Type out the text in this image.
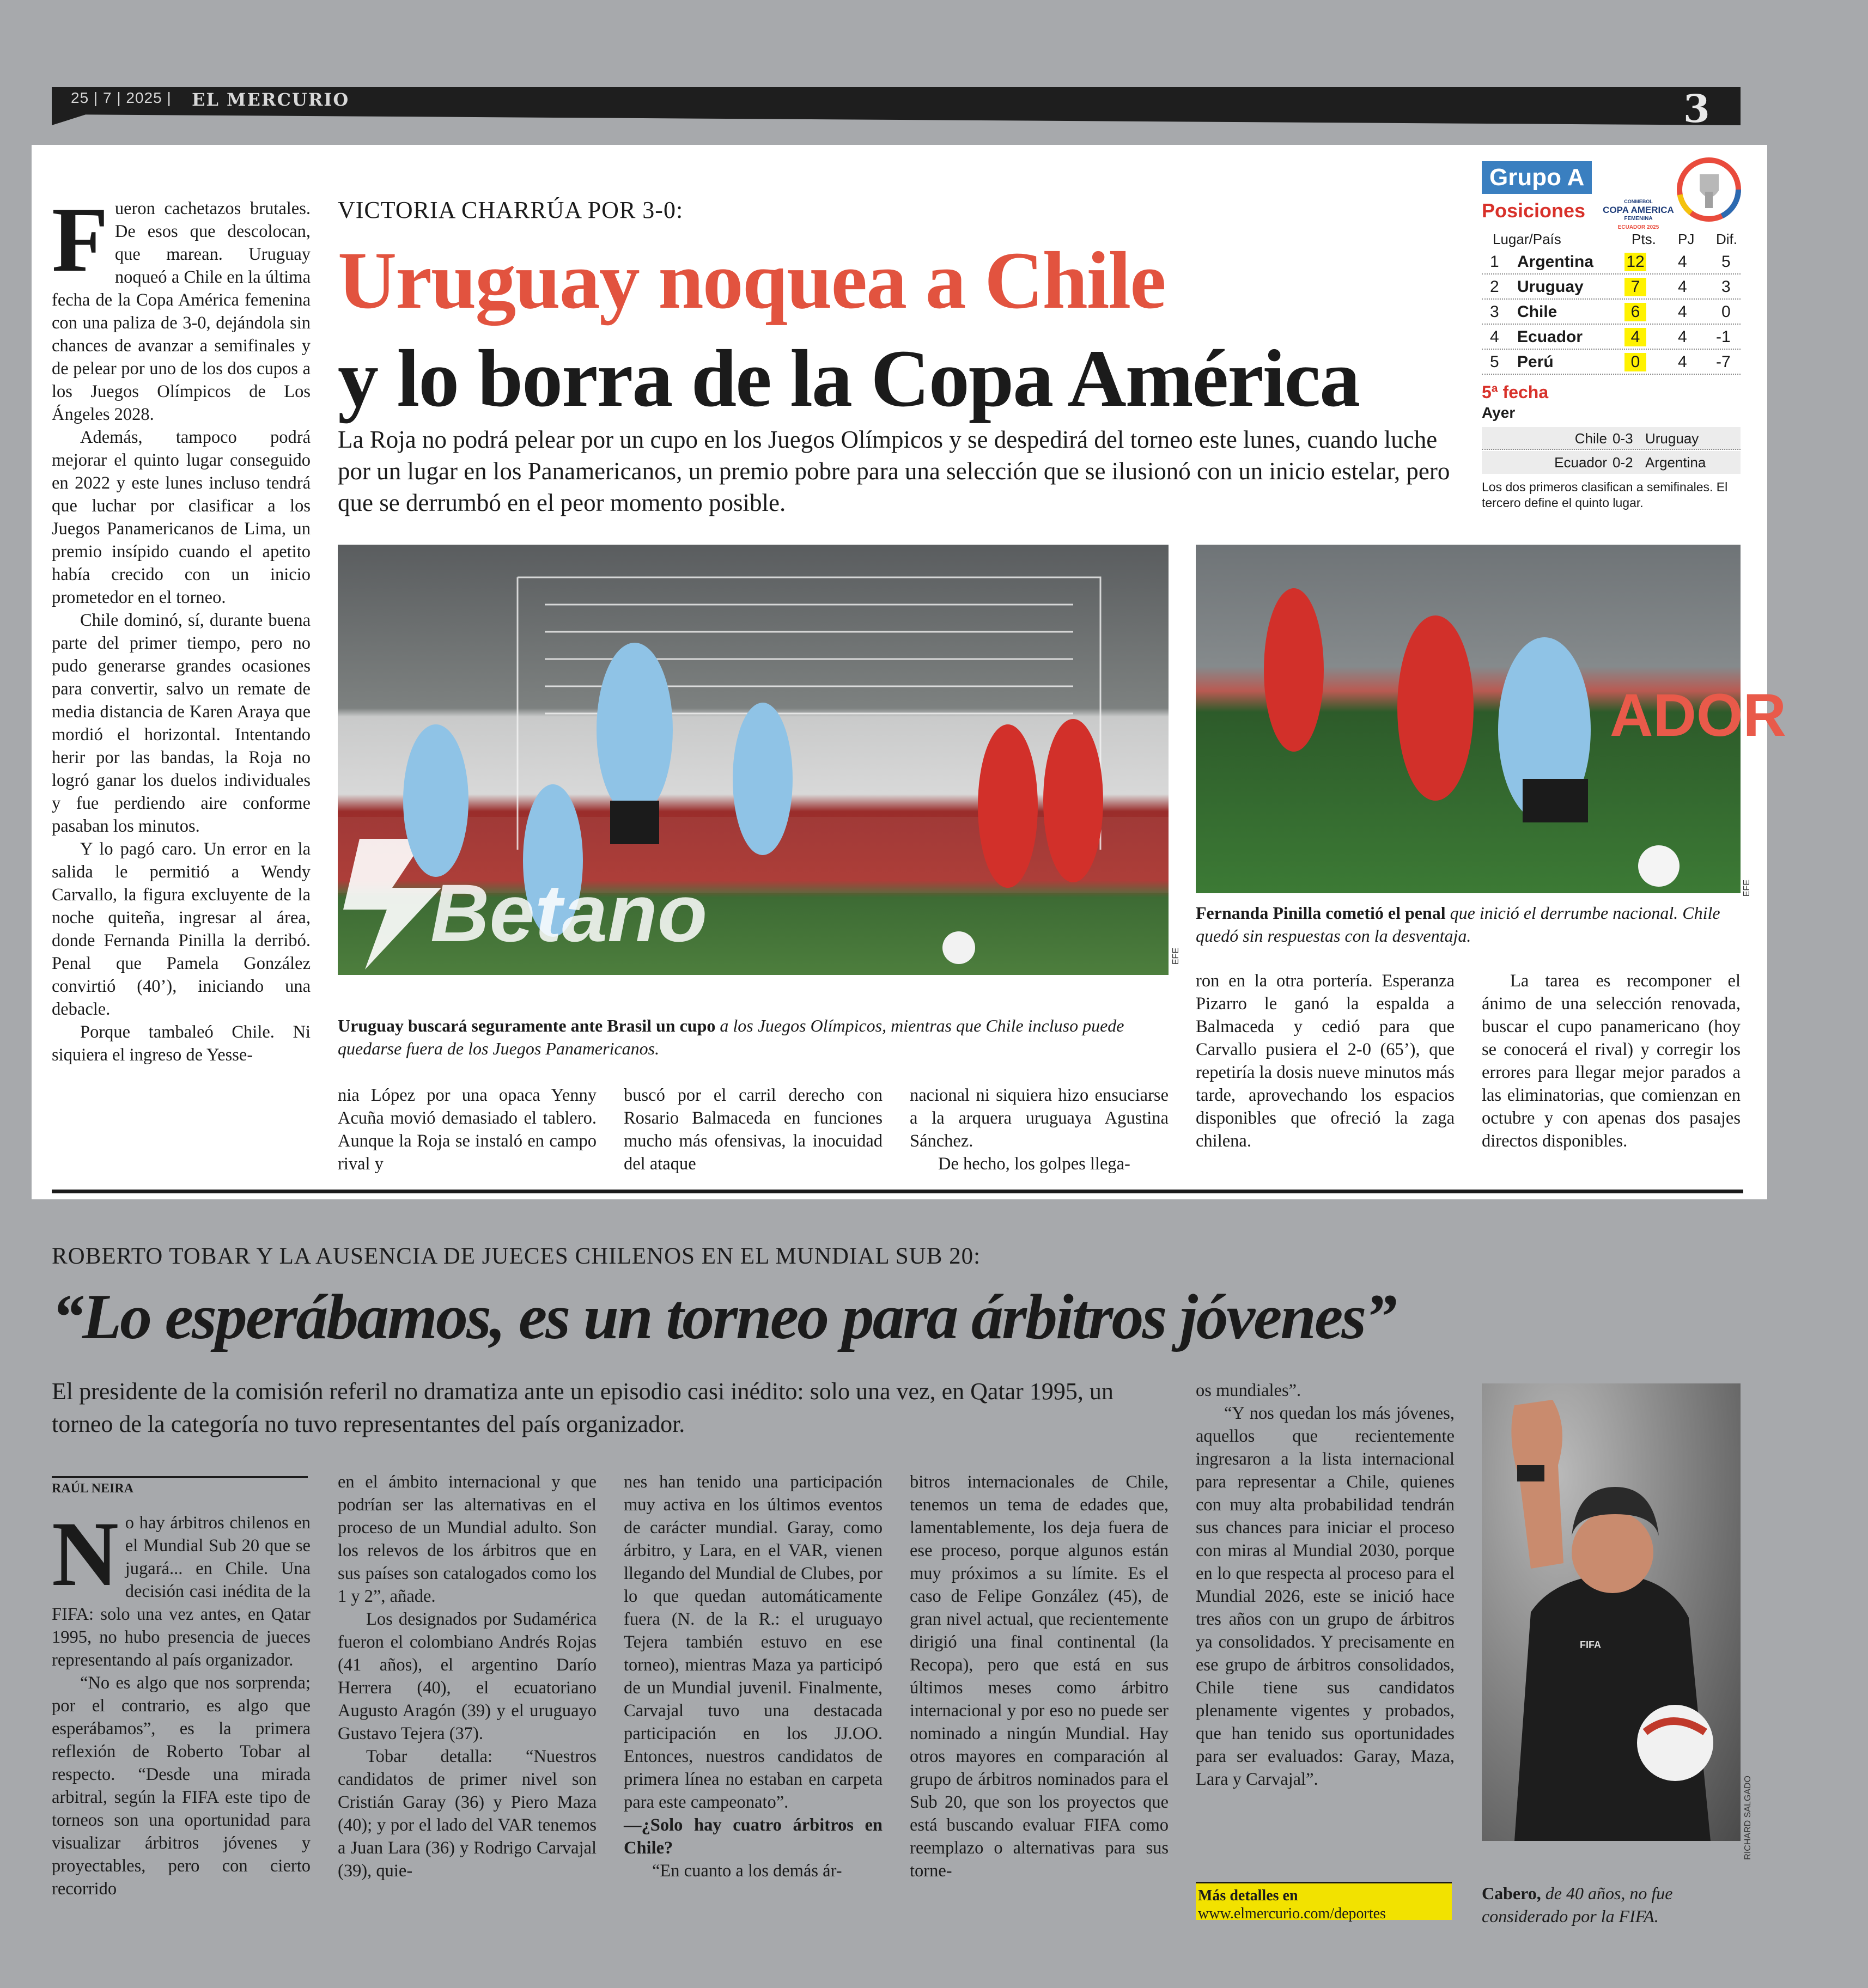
25 | 7 | 2025 | EL MERCURIO	3
F ueron cachetazos brutales. De esos que descolocan, que marean. Uruguay noqueó a Chile en la última fecha de la Copa América femenina con una paliza de 3-0, dejándola sin chances de avanzar a semifinales y de pelear por uno de los dos cupos a los Juegos Olímpicos de Los Ángeles 2028.

Además, tampoco podrá mejorar el quinto lugar conseguido en 2022 y este lunes incluso tendrá que luchar por clasificar a los Juegos Panamericanos de Lima, un premio insípido cuando el apetito había crecido con un inicio prometedor en el torneo.

Chile dominó, sí, durante buena parte del primer tiempo, pero no pudo generarse grandes ocasiones para convertir, salvo un remate de media distancia de Karen Araya que mordió el horizontal. Intentando herir por las bandas, la Roja no logró ganar los duelos individuales y fue perdiendo aire conforme pasaban los minutos.

Y lo pagó caro. Un error en la salida le permitió a Wendy Carvallo, la figura excluyente de la noche quiteña, ingresar al área, donde Fernanda Pinilla la derribó. Penal que Pamela González convirtió (40’), iniciando una debacle.

Porque tambaleó Chile. Ni siquiera el ingreso de Yesse-

VICTORIA CHARRÚA POR 3-0:
Uruguay noquea a Chile
y lo borra de la Copa América
La Roja no podrá pelear por un cupo en los Juegos Olímpicos y se despedirá del torneo este lunes, cuando luche por un lugar en los Panamericanos, un premio pobre para una selección que se ilusionó con un inicio estelar, pero que se derrumbó en el peor momento posible.
Betano	EFE
Uruguay buscará seguramente ante Brasil un cupo a los Juegos Olímpicos, mientras que Chile incluso puede quedarse fuera de los Juegos Panamericanos.
ADOR
EFE
Fernanda Pinilla cometió el penal que inició el derrumbe nacional. Chile quedó sin respuestas con la desventaja.

nia López por una opaca Yenny Acuña movió demasiado el tablero. Aunque la Roja se instaló en campo rival y

buscó por el carril derecho con Rosario Balmaceda en funciones mucho más ofensivas, la inocuidad del ataque

nacional ni siquiera hizo ensuciarse a la arquera uruguaya Agustina Sánchez.

De hecho, los golpes llega-

ron en la otra portería. Esperanza Pizarro le ganó la espalda a Balmaceda y cedió para que Carvallo pusiera el 2-0 (65’), que repetiría la dosis nueve minutos más tarde, aprovechando los espacios disponibles que ofreció la zaga chilena.

La tarea es recomponer el ánimo de una selección renovada, buscar el cupo panamericano (hoy se conocerá el rival) y corregir los errores para llegar mejor parados a las eliminatorias, que comienzan en octubre y con apenas dos pasajes directos disponibles.

Grupo A
CONMEBOL
COPA AMERICA
FEMENINA
ECUADOR 2025
Posiciones
Lugar/País	Pts. PJ Dif.
1 Argentina 12 4 5
2 Uruguay	7	4 3
3 Chile	6	4 0
4 Ecuador	4	4 -1
5 Perú	0	4 -7
5ª fecha
Ayer
Chile 0-3 Uruguay
Ecuador 0-2 Argentina
Los dos primeros clasifican a semifinales. El tercero define el quinto lugar.
ROBERTO TOBAR Y LA AUSENCIA DE JUECES CHILENOS EN EL MUNDIAL SUB 20:
“Lo esperábamos, es un torneo para árbitros jóvenes”
El presidente de la comisión referil no dramatiza ante un episodio casi inédito: solo una vez, en Qatar 1995, un torneo de la categoría no tuvo representantes del país organizador.
RAÚL NEIRA
N o hay árbitros chilenos en el Mundial Sub 20 que se jugará... en Chile. Una decisión casi inédita de la FIFA: solo una vez antes, en Qatar 1995, no hubo presencia de jueces representando al país organizador.

“No es algo que nos sorprenda; por el contrario, es algo que esperábamos”, es la primera reflexión de Roberto Tobar al respecto. “Desde una mirada arbitral, según la FIFA este tipo de torneos son una oportunidad para visualizar árbitros jóvenes y proyectables, pero con cierto recorrido

en el ámbito internacional y que podrían ser las alternativas en el proceso de un Mundial adulto. Son los relevos de los árbitros que en sus países son catalogados como los 1 y 2”, añade.

Los designados por Sudamérica fueron el colombiano Andrés Rojas (41 años), el argentino Darío Herrera (40), el ecuatoriano Augusto Aragón (39) y el uruguayo Gustavo Tejera (37).

Tobar detalla: “Nuestros candidatos de primer nivel son Cristián Garay (36) y Piero Maza (40); y por el lado del VAR tenemos a Juan Lara (36) y Rodrigo Carvajal (39), quie-

nes han tenido una participación muy activa en los últimos eventos de carácter mundial. Garay, como árbitro, y Lara, en el VAR, vienen llegando del Mundial de Clubes, por lo que quedan automáticamente fuera (N. de la R.: el uruguayo Tejera también estuvo en ese torneo), mientras Maza ya participó de un Mundial juvenil. Finalmente, Carvajal tuvo una destacada participación en los JJ.OO. Entonces, nuestros candidatos de primera línea no estaban en carpeta para este campeonato”.

—¿Solo hay cuatro árbitros en Chile?

“En cuanto a los demás ár-

bitros internacionales de Chile, tenemos un tema de edades que, lamentablemente, los deja fuera de ese proceso, porque algunos están muy próximos a su límite. Es el caso de Felipe González (45), de gran nivel actual, que recientemente dirigió una final continental (la Recopa), pero que está en sus últimos meses como árbitro internacional y por eso no puede ser nominado a ningún Mundial. Hay otros mayores en comparación al grupo de árbitros nominados para el Sub 20, que son los proyectos que está buscando evaluar FIFA como reemplazo o alternativas para sus torne-

os mundiales”.

“Y nos quedan los más jóvenes, aquellos que recientemente ingresaron a la lista internacional para representar a Chile, quienes con muy alta probabilidad tendrán sus chances para iniciar el proceso con miras al Mundial 2030, porque en lo que respecta al proceso para el Mundial 2026, este se inició hace tres años con un grupo de árbitros ya consolidados. Y precisamente en ese grupo de árbitros consolidados, Chile tiene sus candidatos plenamente vigentes y probados, que han tenido sus oportunidades para ser evaluados: Garay, Maza, Lara y Carvajal”.

Más detalles en
www.elmercurio.com/deportes
FIFA
RICHARD SALGADO
Cabero, de 40 años, no fue considerado por la FIFA.
